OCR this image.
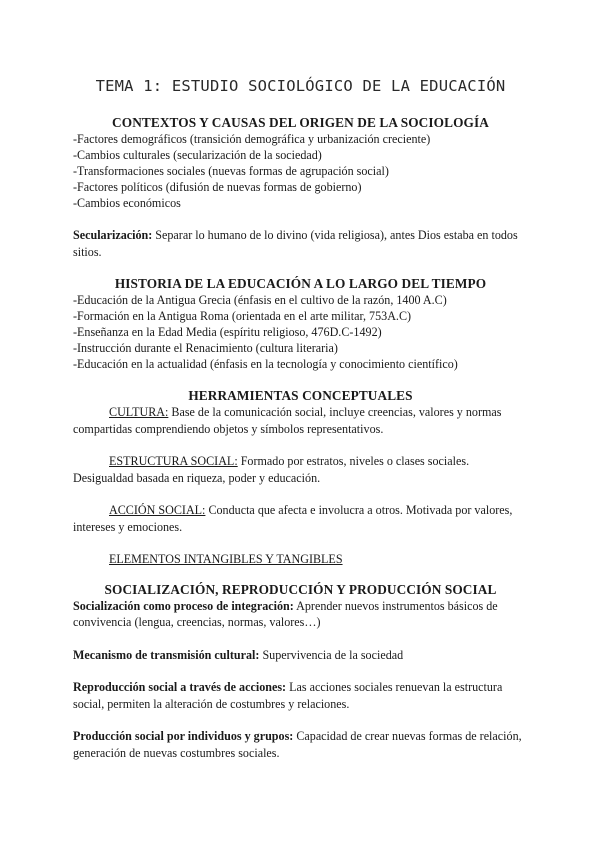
TEMA 1: ESTUDIO SOCIOLÓGICO DE LA EDUCACIÓN
CONTEXTOS Y CAUSAS DEL ORIGEN DE LA SOCIOLOGÍA

-Factores demográficos (transición demográfica y urbanización creciente)

-Cambios culturales (secularización de la sociedad)

-Transformaciones sociales (nuevas formas de agrupación social)

-Factores políticos (difusión de nuevas formas de gobierno)

-Cambios económicos

Secularización: Separar lo humano de lo divino (vida religiosa), antes Dios estaba en todos sitios.

HISTORIA DE LA EDUCACIÓN A LO LARGO DEL TIEMPO

-Educación de la Antigua Grecia (énfasis en el cultivo de la razón, 1400 A.C)

-Formación en la Antigua Roma (orientada en el arte militar, 753A.C)

-Enseñanza en la Edad Media (espíritu religioso, 476D.C-1492)

-Instrucción durante el Renacimiento (cultura literaria)

-Educación en la actualidad (énfasis en la tecnología y conocimiento científico)

HERRAMIENTAS CONCEPTUALES

CULTURA: Base de la comunicación social, incluye creencias, valores y normas compartidas comprendiendo objetos y símbolos representativos.

ESTRUCTURA SOCIAL: Formado por estratos, niveles o clases sociales. Desigualdad basada en riqueza, poder y educación.

ACCIÓN SOCIAL: Conducta que afecta e involucra a otros. Motivada por valores, intereses y emociones.

ELEMENTOS INTANGIBLES Y TANGIBLES

SOCIALIZACIÓN, REPRODUCCIÓN Y PRODUCCIÓN SOCIAL

Socialización como proceso de integración: Aprender nuevos instrumentos básicos de convivencia (lengua, creencias, normas, valores…)

Mecanismo de transmisión cultural: Supervivencia de la sociedad

Reproducción social a través de acciones: Las acciones sociales renuevan la estructura social, permiten la alteración de costumbres y relaciones.

Producción social por individuos y grupos: Capacidad de crear nuevas formas de relación, generación de nuevas costumbres sociales.
